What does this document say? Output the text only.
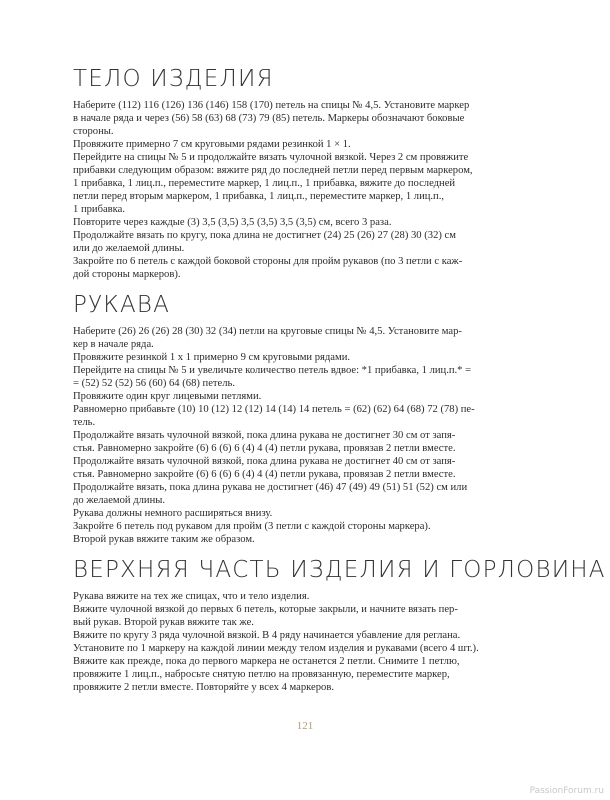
ТЕЛО ИЗДЕЛИЯ

Наберите (112) 116 (126) 136 (146) 158 (170) петель на спицы № 4,5. Установите маркер

в начале ряда и через (56) 58 (63) 68 (73) 79 (85) петель. Маркеры обозначают боковые

стороны.

Провяжите примерно 7 см круговыми рядами резинкой 1 × 1.

Перейдите на спицы № 5 и продолжайте вязать чулочной вязкой. Через 2 см провяжите

прибавки следующим образом: вяжите ряд до последней петли перед первым маркером,

1 прибавка, 1 лиц.п., переместите маркер, 1 лиц.п., 1 прибавка, вяжите до последней

петли перед вторым маркером, 1 прибавка, 1 лиц.п., переместите маркер, 1 лиц.п.,

1 прибавка.

Повторите через каждые (3) 3,5 (3,5) 3,5 (3,5) 3,5 (3,5) см, всего 3 раза.

Продолжайте вязать по кругу, пока длина не достигнет (24) 25 (26) 27 (28) 30 (32) см

или до желаемой длины.

Закройте по 6 петель с каждой боковой стороны для пройм рукавов (по 3 петли с каж-

дой стороны маркеров).

РУКАВА

Наберите (26) 26 (26) 28 (30) 32 (34) петли на круговые спицы № 4,5. Установите мар-

кер в начале ряда.

Провяжите резинкой 1 х 1 примерно 9 см круговыми рядами.

Перейдите на спицы № 5 и увеличьте количество петель вдвое: *1 прибавка, 1 лиц.п.* =

= (52) 52 (52) 56 (60) 64 (68) петель.

Провяжите один круг лицевыми петлями.

Равномерно прибавьте (10) 10 (12) 12 (12) 14 (14) 14 петель = (62) (62) 64 (68) 72 (78) пе-

тель.

Продолжайте вязать чулочной вязкой, пока длина рукава не достигнет 30 см от запя-

стья. Равномерно закройте (6) 6 (6) 6 (4) 4 (4) петли рукава, провязав 2 петли вместе.

Продолжайте вязать чулочной вязкой, пока длина рукава не достигнет 40 см от запя-

стья. Равномерно закройте (6) 6 (6) 6 (4) 4 (4) петли рукава, провязав 2 петли вместе.

Продолжайте вязать, пока длина рукава не достигнет (46) 47 (49) 49 (51) 51 (52) см или

до желаемой длины.

Рукава должны немного расширяться внизу.

Закройте 6 петель под рукавом для пройм (3 петли с каждой стороны маркера).

Второй рукав вяжите таким же образом.

ВЕРХНЯЯ ЧАСТЬ ИЗДЕЛИЯ И ГОРЛОВИНА

Рукава вяжите на тех же спицах, что и тело изделия.

Вяжите чулочной вязкой до первых 6 петель, которые закрыли, и начните вязать пер-

вый рукав. Второй рукав вяжите так же.

Вяжите по кругу 3 ряда чулочной вязкой. В 4 ряду начинается убавление для реглана.

Установите по 1 маркеру на каждой линии между телом изделия и рукавами (всего 4 шт.).

Вяжите как прежде, пока до первого маркера не останется 2 петли. Снимите 1 петлю,

провяжите 1 лиц.п., набросьте снятую петлю на провязанную, переместите маркер,

провяжите 2 петли вместе. Повторяйте у всех 4 маркеров.

121
PassionForum.ru
